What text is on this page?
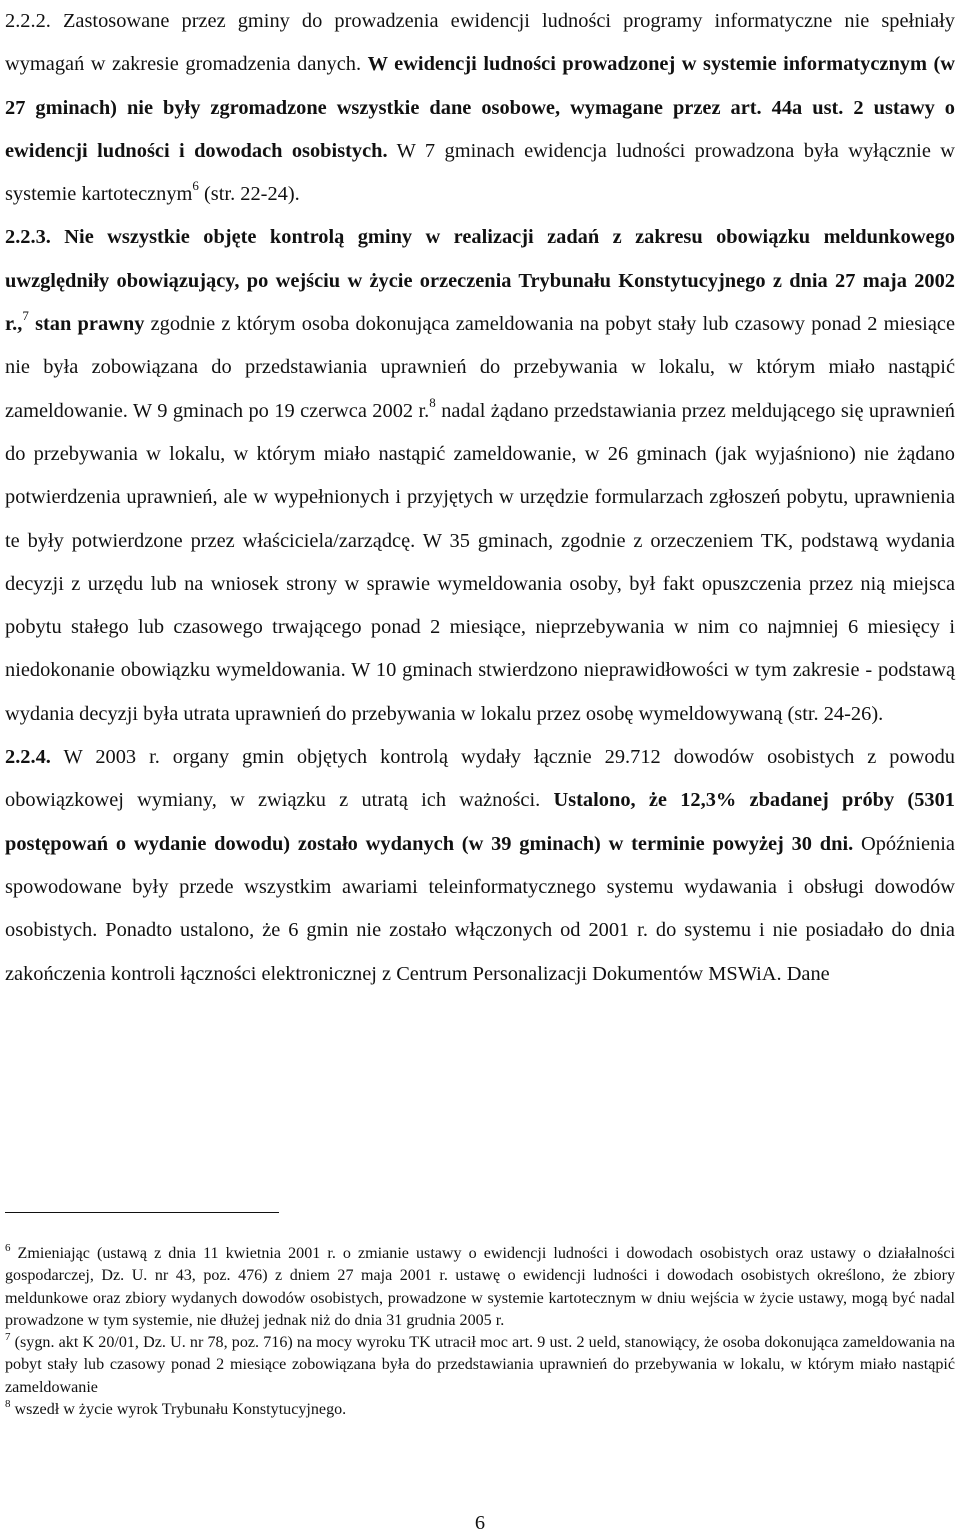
2.2.2. Zastosowane przez gminy do prowadzenia ewidencji ludności programy informatyczne nie spełniały wymagań w zakresie gromadzenia danych. W ewidencji ludności prowadzonej w systemie informatycznym (w 27 gminach) nie były zgromadzone wszystkie dane osobowe, wymagane przez art. 44a ust. 2 ustawy o ewidencji ludności i dowodach osobistych. W 7 gminach ewidencja ludności prowadzona była wyłącznie w systemie kartotecznym$^6$ (str. 22-24).

2.2.3. Nie wszystkie objęte kontrolą gminy w realizacji zadań z zakresu obowiązku meldunkowego uwzględniły obowiązujący, po wejściu w życie orzeczenia Trybunału Konstytucyjnego z dnia 27 maja 2002 r.,$^7$ stan prawny zgodnie z którym osoba dokonująca zameldowania na pobyt stały lub czasowy ponad 2 miesiące nie była zobowiązana do przedstawiania uprawnień do przebywania w lokalu, w którym miało nastąpić zameldowanie. W 9 gminach po 19 czerwca 2002 r.$^8$ nadal żądano przedstawiania przez meldującego się uprawnień do przebywania w lokalu, w którym miało nastąpić zameldowanie, w 26 gminach (jak wyjaśniono) nie żądano potwierdzenia uprawnień, ale w wypełnionych i przyjętych w urzędzie formularzach zgłoszeń pobytu, uprawnienia te były potwierdzone przez właściciela/zarządcę. W 35 gminach, zgodnie z orzeczeniem TK, podstawą wydania decyzji z urzędu lub na wniosek strony w sprawie wymeldowania osoby, był fakt opuszczenia przez nią miejsca pobytu stałego lub czasowego trwającego ponad 2 miesiące, nieprzebywania w nim co najmniej 6 miesięcy i niedokonanie obowiązku wymeldowania. W 10 gminach stwierdzono nieprawidłowości w tym zakresie - podstawą wydania decyzji była utrata uprawnień do przebywania w lokalu przez osobę wymeldowywaną (str. 24-26).

2.2.4. W 2003 r. organy gmin objętych kontrolą wydały łącznie 29.712 dowodów osobistych z powodu obowiązkowej wymiany, w związku z utratą ich ważności. Ustalono, że 12,3% zbadanej próby (5301 postępowań o wydanie dowodu) zostało wydanych (w 39 gminach) w terminie powyżej 30 dni. Opóźnienia spowodowane były przede wszystkim awariami teleinformatycznego systemu wydawania i obsługi dowodów osobistych. Ponadto ustalono, że 6 gmin nie zostało włączonych od 2001 r. do systemu i nie posiadało do dnia zakończenia kontroli łączności elektronicznej z Centrum Personalizacji Dokumentów MSWiA. Dane

$^6$ Zmieniając (ustawą z dnia 11 kwietnia 2001 r. o zmianie ustawy o ewidencji ludności i dowodach osobistych oraz ustawy o działalności gospodarczej, Dz. U. nr 43, poz. 476) z dniem 27 maja 2001 r. ustawę o ewidencji ludności i dowodach osobistych określono, że zbiory meldunkowe oraz zbiory wydanych dowodów osobistych, prowadzone w systemie kartotecznym w dniu wejścia w życie ustawy, mogą być nadal prowadzone w tym systemie, nie dłużej jednak niż do dnia 31 grudnia 2005 r.

$^7$ (sygn. akt K 20/01, Dz. U. nr 78, poz. 716) na mocy wyroku TK utracił moc art. 9 ust. 2 ueld, stanowiący, że osoba dokonująca zameldowania na pobyt stały lub czasowy ponad 2 miesiące zobowiązana była do przedstawiania uprawnień do przebywania w lokalu, w którym miało nastąpić zameldowanie

$^8$ wszedł w życie wyrok Trybunału Konstytucyjnego.

6
